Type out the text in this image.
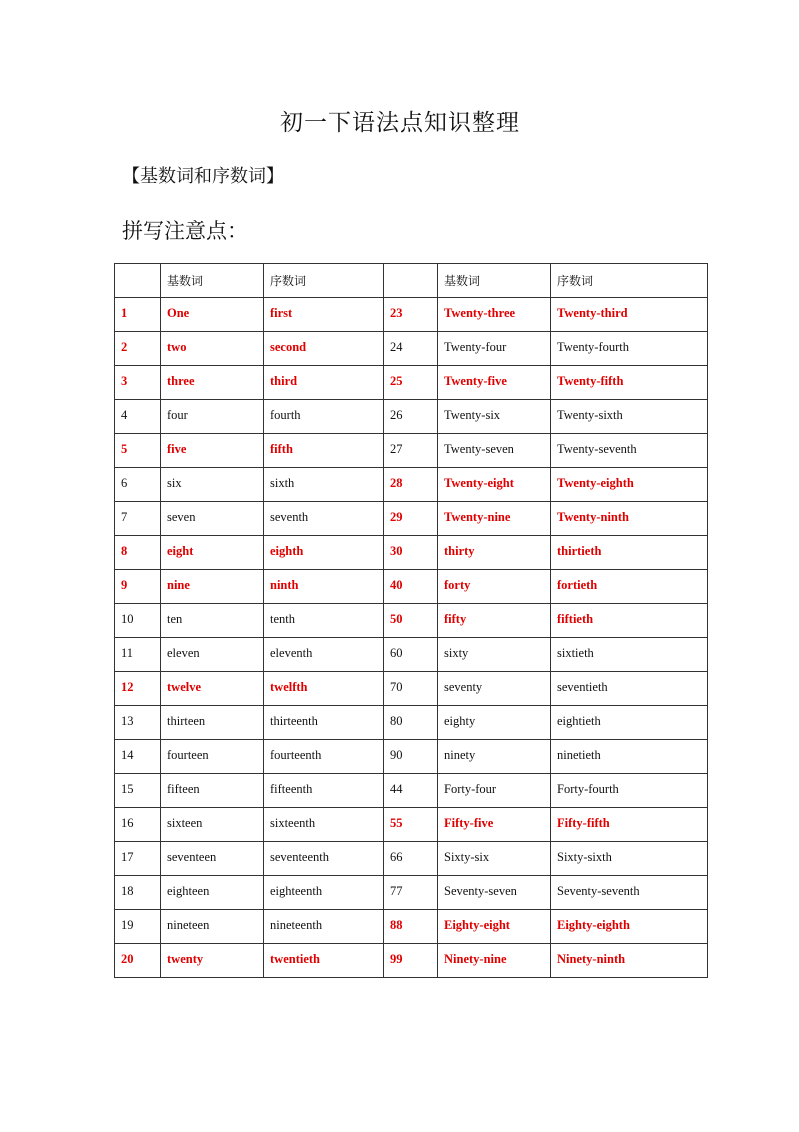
初一下语法点知识整理
【基数词和序数词】
拼写注意点：
	基数词	序数词		基数词	序数词
1	One	first	23	Twenty-three	Twenty-third
2	two	second	24	Twenty-four	Twenty-fourth
3	three	third	25	Twenty-five	Twenty-fifth
4	four	fourth	26	Twenty-six	Twenty-sixth
5	five	fifth	27	Twenty-seven	Twenty-seventh
6	six	sixth	28	Twenty-eight	Twenty-eighth
7	seven	seventh	29	Twenty-nine	Twenty-ninth
8	eight	eighth	30	thirty	thirtieth
9	nine	ninth	40	forty	fortieth
10	ten	tenth	50	fifty	fiftieth
11	eleven	eleventh	60	sixty	sixtieth
12	twelve	twelfth	70	seventy	seventieth
13	thirteen	thirteenth	80	eighty	eightieth
14	fourteen	fourteenth	90	ninety	ninetieth
15	fifteen	fifteenth	44	Forty-four	Forty-fourth
16	sixteen	sixteenth	55	Fifty-five	Fifty-fifth
17	seventeen	seventeenth	66	Sixty-six	Sixty-sixth
18	eighteen	eighteenth	77	Seventy-seven	Seventy-seventh
19	nineteen	nineteenth	88	Eighty-eight	Eighty-eighth
20	twenty	twentieth	99	Ninety-nine	Ninety-ninth
